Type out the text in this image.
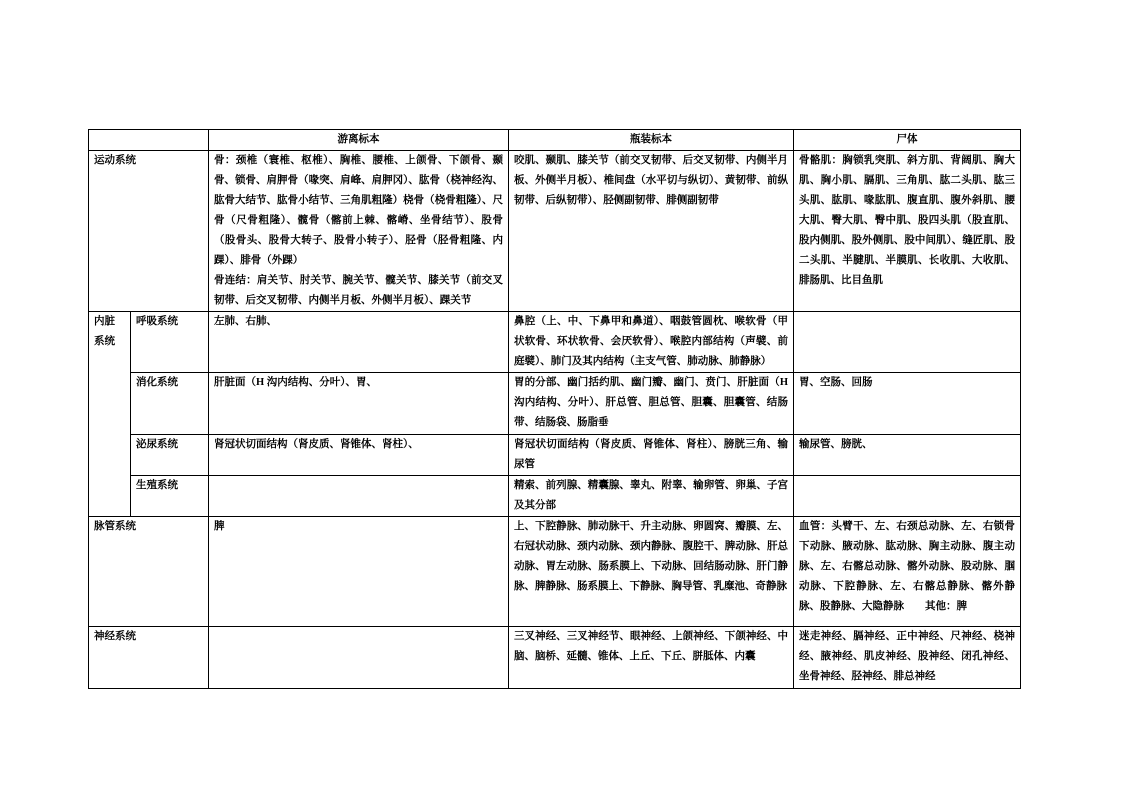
		游离标本	瓶装标本	尸体
运动系统		骨：颈椎（寰椎、枢椎）、胸椎、腰椎、上颌骨、下颌骨、颞骨、锁骨、肩胛骨（喙突、肩峰、肩胛冈）、肱骨（桡神经沟、肱骨大结节、肱骨小结节、三角肌粗隆）桡骨（桡骨粗隆）、尺骨（尺骨粗隆）、髋骨（髂前上棘、髂嵴、坐骨结节）、股骨（股骨头、股骨大转子、股骨小转子）、胫骨（胫骨粗隆、内踝）、腓骨（外踝）

骨连结：肩关节、肘关节、腕关节、髋关节、膝关节（前交叉韧带、后交叉韧带、内侧半月板、外侧半月板）、踝关节	咬肌、颞肌、膝关节（前交叉韧带、后交叉韧带、内侧半月板、外侧半月板）、椎间盘（水平切与纵切）、黄韧带、前纵韧带、后纵韧带）、胫侧副韧带、腓侧副韧带	骨骼肌：胸锁乳突肌、斜方肌、背阔肌、胸大肌、胸小肌、膈肌、三角肌、肱二头肌、肱三头肌、肱肌、喙肱肌、腹直肌、腹外斜肌、腰大肌、臀大肌、臀中肌、股四头肌（股直肌、股内侧肌、股外侧肌、股中间肌）、缝匠肌、股二头肌、半腱肌、半膜肌、长收肌、大收肌、腓肠肌、比目鱼肌
内脏系统	呼吸系统	左肺、右肺、	鼻腔（上、中、下鼻甲和鼻道）、咽鼓管圆枕、喉软骨（甲状软骨、环状软骨、会厌软骨）、喉腔内部结构（声襞、前庭襞）、肺门及其内结构（主支气管、肺动脉、肺静脉）	
	消化系统	肝脏面（H 沟内结构、分叶）、胃、	胃的分部、幽门括约肌、幽门瓣、幽门、贲门、肝脏面（H 沟内结构、分叶）、肝总管、胆总管、胆囊、胆囊管、结肠带、结肠袋、肠脂垂	胃、空肠、回肠
	泌尿系统	肾冠状切面结构（肾皮质、肾锥体、肾柱）、	肾冠状切面结构（肾皮质、肾锥体、肾柱）、膀胱三角、输尿管	输尿管、膀胱、
	生殖系统		精索、前列腺、精囊腺、睾丸、附睾、输卵管、卵巢、子宫及其分部	
脉管系统		脾	上、下腔静脉、肺动脉干、升主动脉、卵圆窝、瓣膜、左、右冠状动脉、颈内动脉、颈内静脉、腹腔干、脾动脉、肝总动脉、胃左动脉、肠系膜上、下动脉、回结肠动脉、肝门静脉、脾静脉、肠系膜上、下静脉、胸导管、乳糜池、奇静脉	血管：头臂干、左、右颈总动脉、左、右锁骨下动脉、腋动脉、肱动脉、胸主动脉、腹主动脉、左、右髂总动脉、髂外动脉、股动脉、腘动脉、下腔静脉、左、右髂总静脉、髂外静脉、股静脉、大隐静脉　　其他：脾
神经系统			三叉神经、三叉神经节、眼神经、上颌神经、下颌神经、中脑、脑桥、延髓、锥体、上丘、下丘、胼胝体、内囊	迷走神经、膈神经、正中神经、尺神经、桡神经、腋神经、肌皮神经、股神经、闭孔神经、坐骨神经、胫神经、腓总神经
